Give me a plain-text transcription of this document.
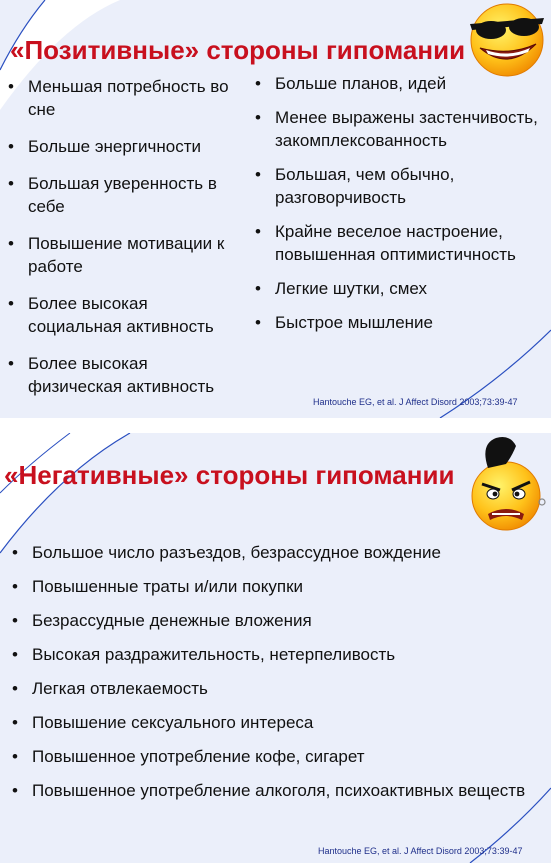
«Позитивные» стороны гипомании
• Меньшая потребность во сне
• Больше энергичности
• Большая уверенность в себе
• Повышение мотивации к работе
• Более высокая социальная активность
• Более высокая физическая активность
• Больше планов, идей
• Менее выражены застенчивость, закомплексованность
• Большая, чем обычно, разговорчивость
• Крайне веселое настроение, повышенная оптимистичность
• Легкие шутки, смех
• Быстрое мышление
Hantouche EG, et al. J Affect Disord 2003;73:39-47
«Негативные» стороны гипомании
• Большое число разъездов, безрассудное вождение
• Повышенные траты и/или покупки
• Безрассудные денежные вложения
• Высокая раздражительность, нетерпеливость
• Легкая отвлекаемость
• Повышение сексуального интереса
• Повышенное употребление кофе, сигарет
• Повышенное употребление алкоголя, психоактивных веществ
Hantouche EG, et al. J Affect Disord 2003;73:39-47
